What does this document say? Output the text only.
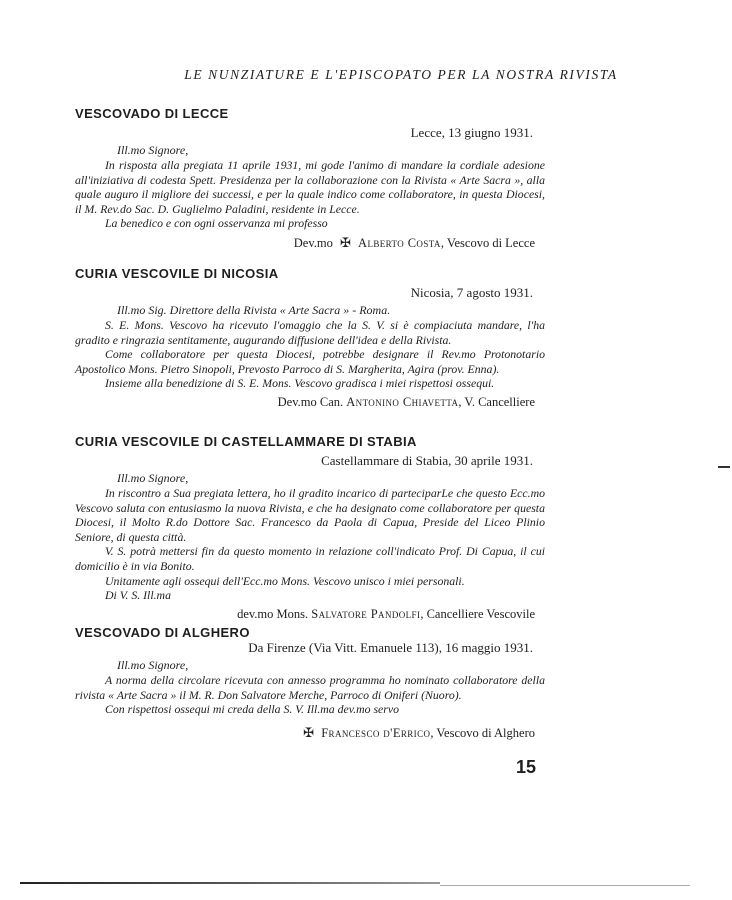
LE NUNZIATURE E L'EPISCOPATO PER LA NOSTRA RIVISTA
VESCOVADO DI LECCE
Lecce, 13 giugno 1931.
Ill.mo Signore,

In risposta alla pregiata 11 aprile 1931, mi gode l'animo di mandare la cordiale adesione all'iniziativa di codesta Spett. Presidenza per la collaborazione con la Rivista « Arte Sacra », alla quale auguro il migliore dei successi, e per la quale indico come collaboratore, in questa Diocesi, il M. Rev.do Sac. D. Guglielmo Paladini, residente in Lecce.

La benedico e con ogni osservanza mi professo

Dev.mo ✠ Alberto Costa, Vescovo di Lecce
CURIA VESCOVILE DI NICOSIA
Nicosia, 7 agosto 1931.
Ill.mo Sig. Direttore della Rivista « Arte Sacra » - Roma.

S. E. Mons. Vescovo ha ricevuto l'omaggio che la S. V. si è compiaciuta mandare, l'ha gradito e ringrazia sentitamente, augurando diffusione dell'idea e della Rivista.

Come collaboratore per questa Diocesi, potrebbe designare il Rev.mo Protonotario Apostolico Mons. Pietro Sinopoli, Prevosto Parroco di S. Margherita, Agira (prov. Enna).

Insieme alla benedizione di S. E. Mons. Vescovo gradisca i miei rispettosi ossequi.

Dev.mo Can. Antonino Chiavetta, V. Cancelliere
CURIA VESCOVILE DI CASTELLAMMARE DI STABIA
Castellammare di Stabia, 30 aprile 1931.
Ill.mo Signore,

In riscontro a Sua pregiata lettera, ho il gradito incarico di parteciparLe che questo Ecc.mo Vescovo saluta con entusiasmo la nuova Rivista, e che ha designato come collaboratore per questa Diocesi, il Molto R.do Dottore Sac. Francesco da Paola di Capua, Preside del Liceo Plinio Seniore, di questa città.

V. S. potrà mettersi fin da questo momento in relazione coll'indicato Prof. Di Capua, il cui domicilio è in via Bonito.

Unitamente agli ossequi dell'Ecc.mo Mons. Vescovo unisco i miei personali.

Di V. S. Ill.ma

dev.mo Mons. Salvatore Pandolfi, Cancelliere Vescovile
VESCOVADO DI ALGHERO
Da Firenze (Via Vitt. Emanuele 113), 16 maggio 1931.
Ill.mo Signore,

A norma della circolare ricevuta con annesso programma ho nominato collaboratore della rivista « Arte Sacra » il M. R. Don Salvatore Merche, Parroco di Oniferi (Nuoro).

Con rispettosi ossequi mi creda della S. V. Ill.ma dev.mo servo

✠ Francesco d'Errico, Vescovo di Alghero
15
